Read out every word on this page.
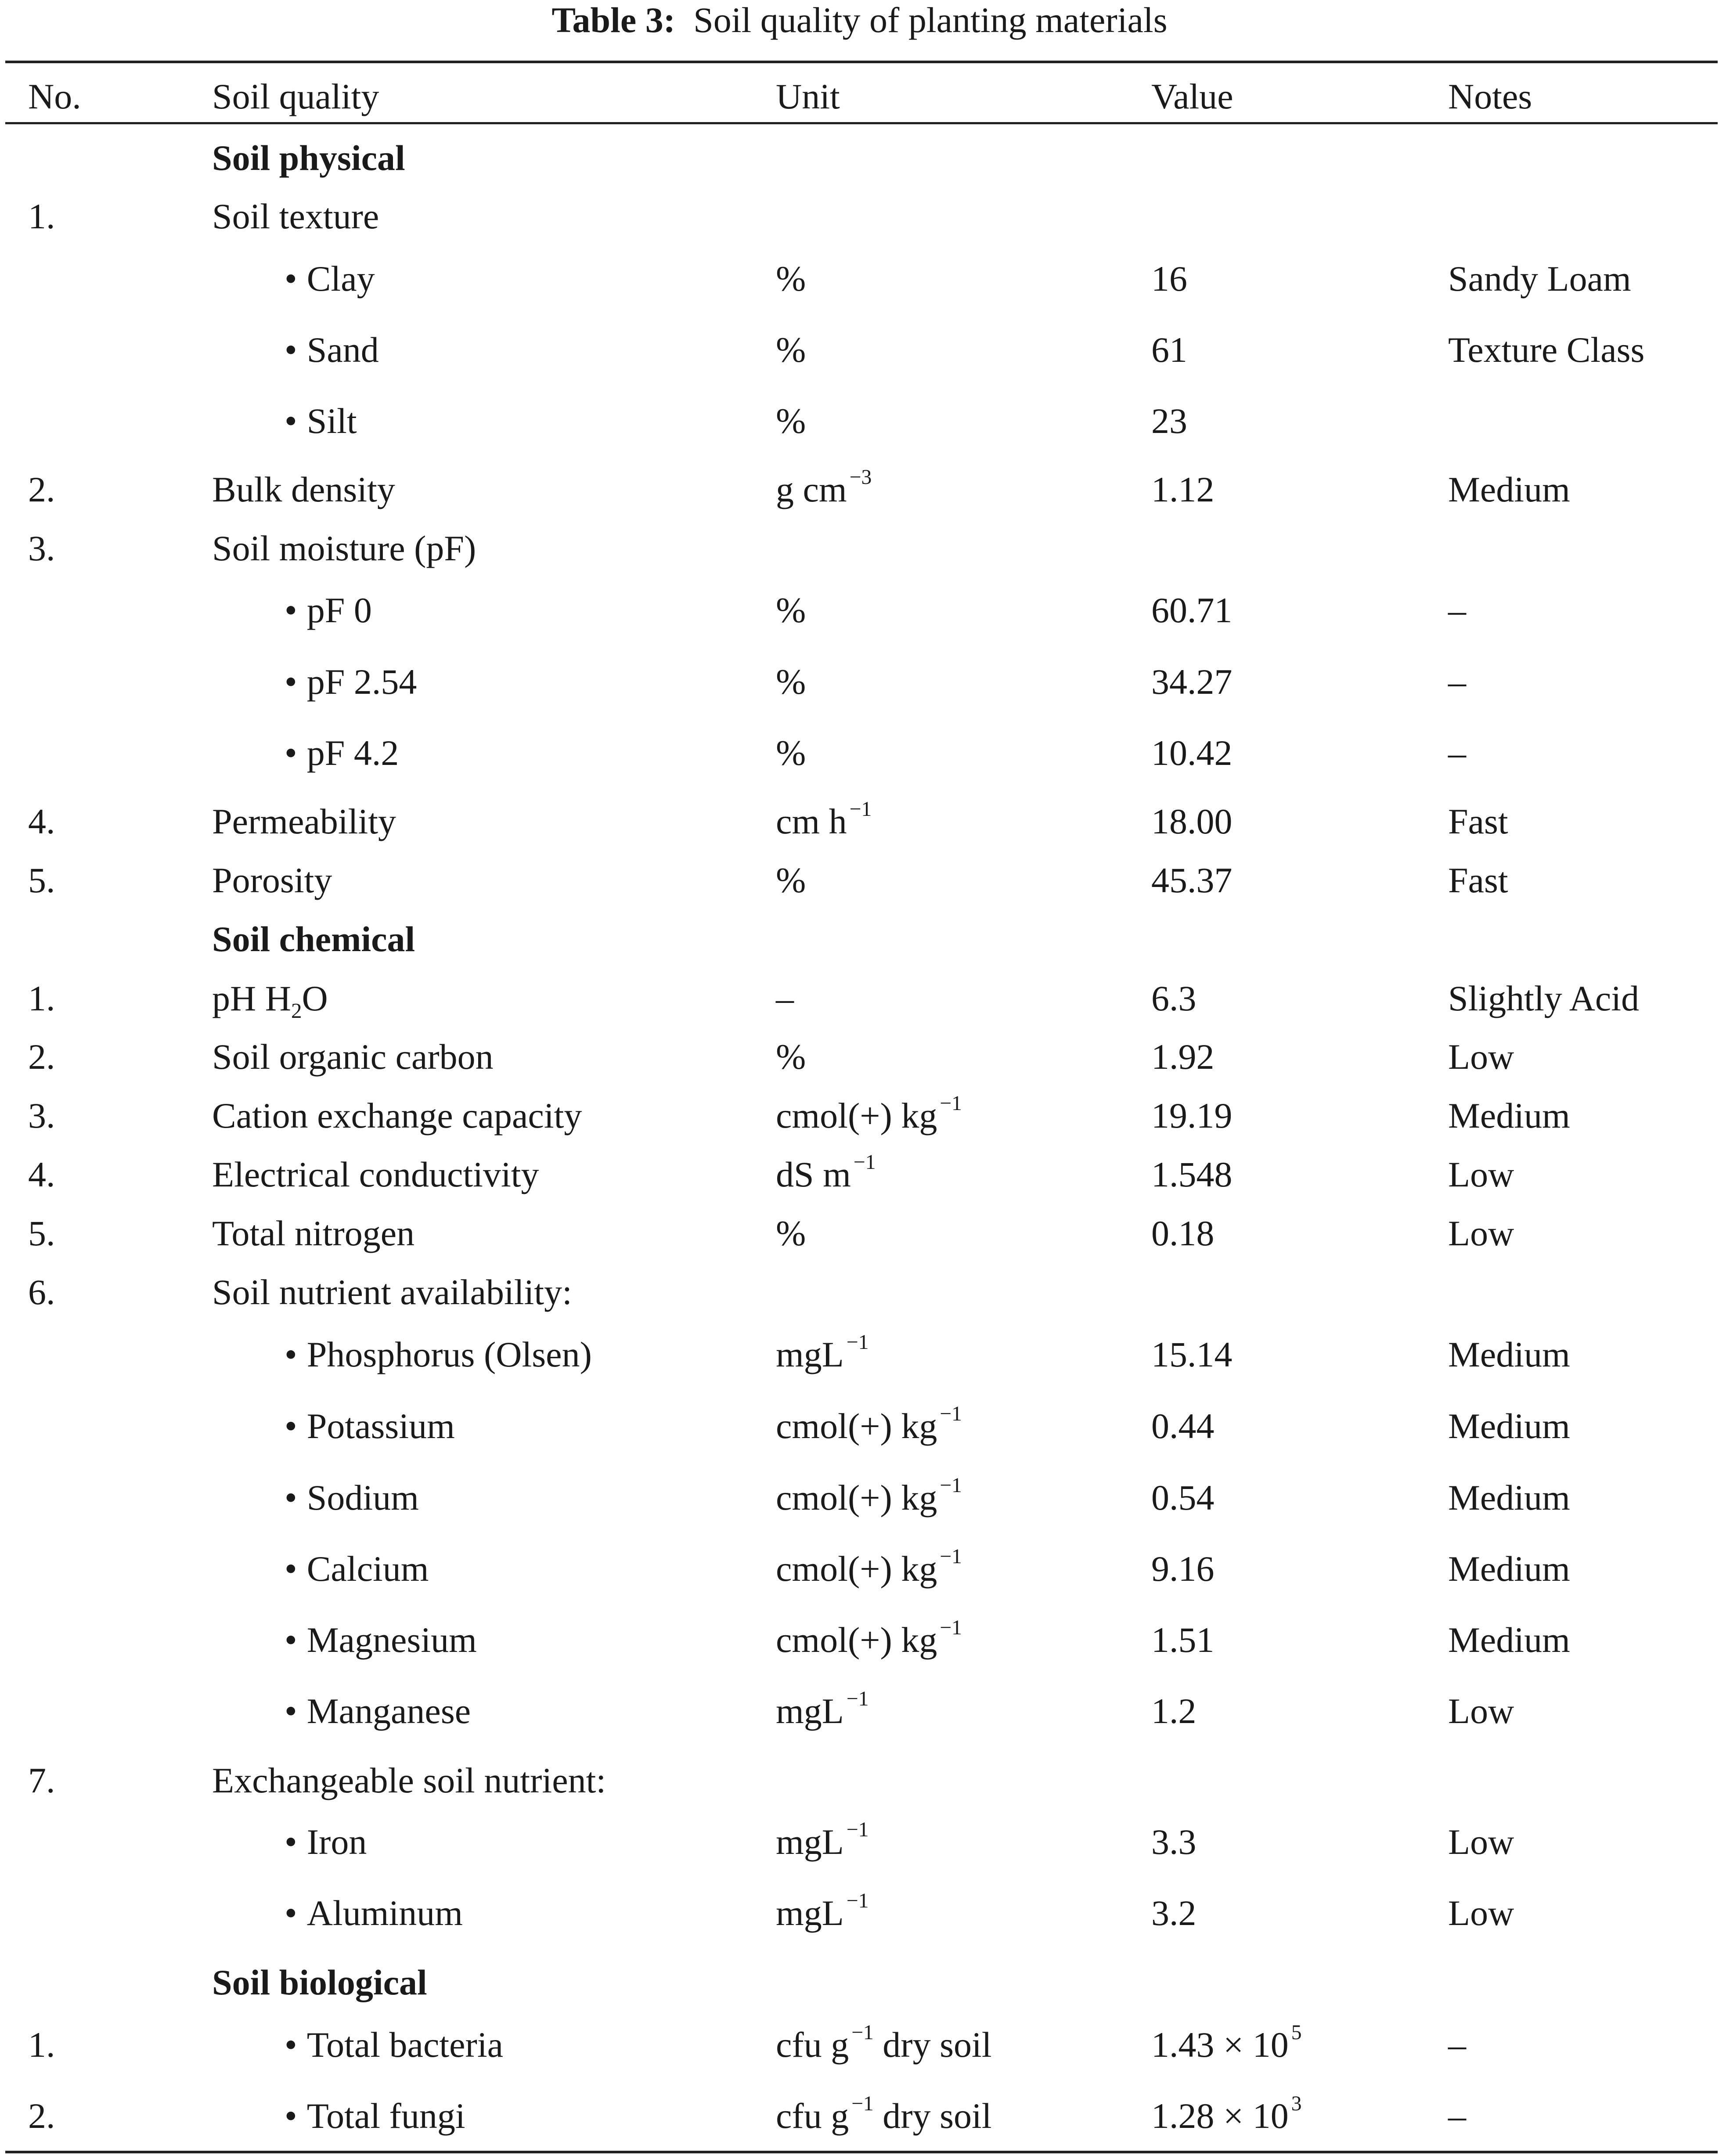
Table 3: Soil quality of planting materials
No.	Soil quality	Unit	Value	Notes
Soil physical
1.	Soil texture
• Clay	%	16	Sandy Loam
• Sand	%	61	Texture Class
• Silt	%	23
2.	Bulk density	g cm $^{-3}$	1.12	Medium
3.	Soil moisture (pF)
• pF 0	%	60.71	–
• pF 2.54	%	34.27	–
• pF 4.2	%	10.42	–
4.	Permeability	cm h $^{-1}$	18.00	Fast
5.	Porosity	%	45.37	Fast
Soil chemical
1.	pH $H_2O$	–	6.3	Slightly Acid
2.	Soil organic carbon	%	1.92	Low
3.	Cation exchange capacity	cmol(+) kg $^{-1}$	19.19	Medium
4.	Electrical conductivity	dS m $^{-1}$	1.548	Low
5.	Total nitrogen	%	0.18	Low
6.	Soil nutrient availability:
• Phosphorus (Olsen)	mgL $^{-1}$	15.14	Medium
• Potassium	cmol(+) kg $^{-1}$	0.44	Medium
• Sodium	cmol(+) kg $^{-1}$	0.54	Medium
• Calcium	cmol(+) kg $^{-1}$	9.16	Medium
• Magnesium	cmol(+) kg $^{-1}$	1.51	Medium
• Manganese	mgL $^{-1}$	1.2	Low
7.	Exchangeable soil nutrient:
• Iron	mgL $^{-1}$	3.3	Low
• Aluminum	mgL $^{-1}$	3.2	Low
Soil biological
1.	• Total bacteria	cfu g $^{-1}$ dry soil	1.43 × 10 $^5$	–
2.	• Total fungi	cfu g $^{-1}$ dry soil	1.28 × 10 $^3$	–
